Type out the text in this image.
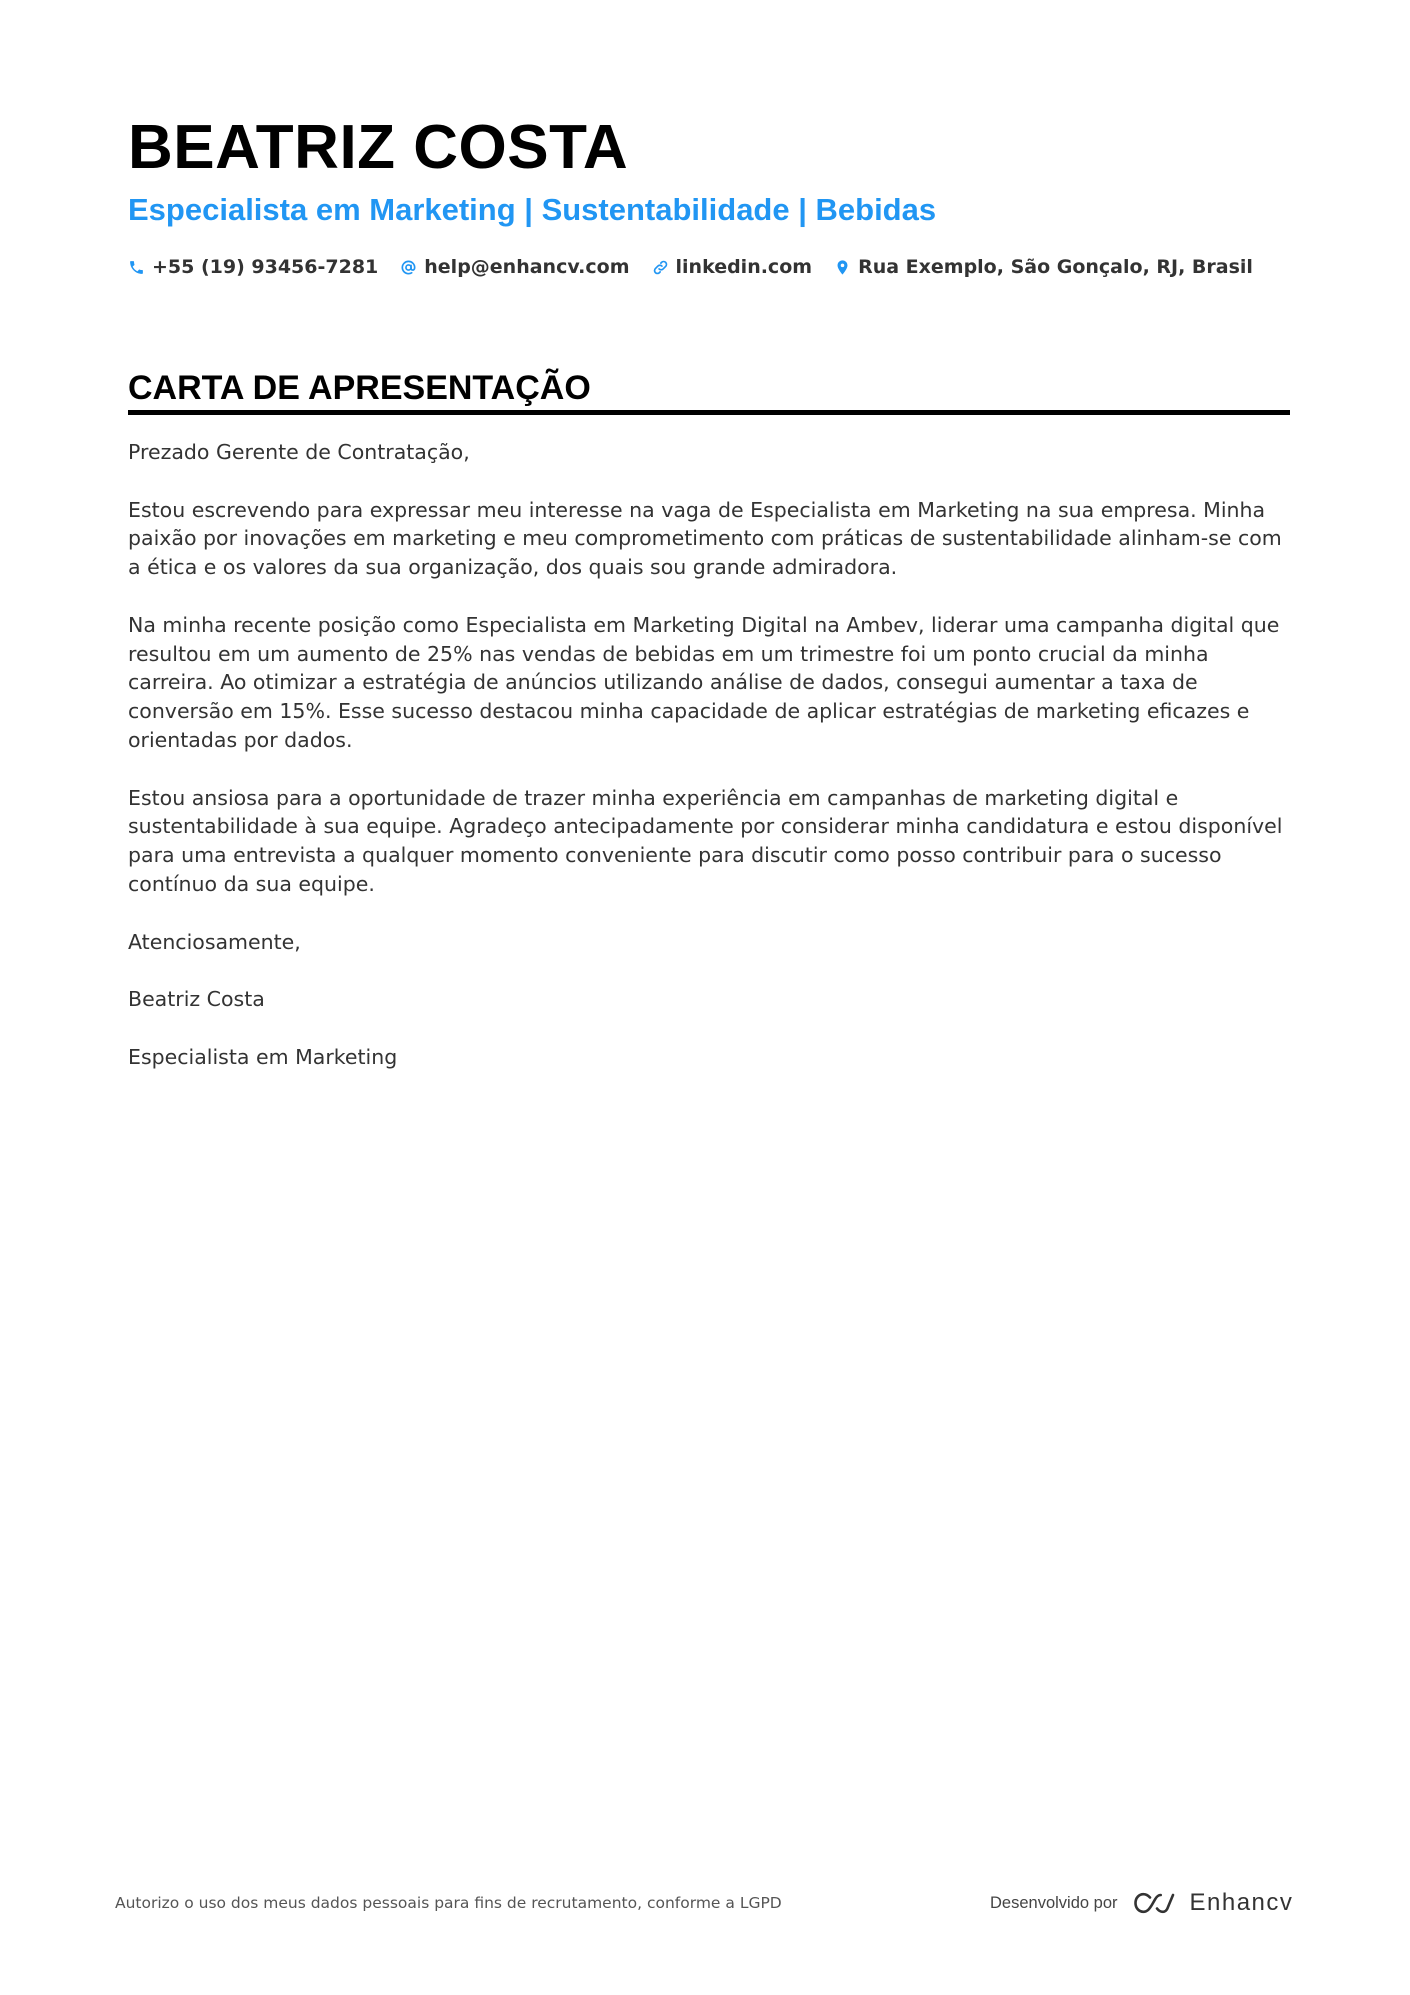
BEATRIZ COSTA
Especialista em Marketing | Sustentabilidade | Bebidas
+55 (19) 93456-7281 help@enhancv.com linkedin.com Rua Exemplo, São Gonçalo, RJ, Brasil
CARTA DE APRESENTAÇÃO

Prezado Gerente de Contratação,

Estou escrevendo para expressar meu interesse na vaga de Especialista em Marketing na sua empresa. Minha paixão por inovações em marketing e meu comprometimento com práticas de sustentabilidade alinham-se com a ética e os valores da sua organização, dos quais sou grande admiradora.

Na minha recente posição como Especialista em Marketing Digital na Ambev, liderar uma campanha digital que resultou em um aumento de 25% nas vendas de bebidas em um trimestre foi um ponto crucial da minha carreira. Ao otimizar a estratégia de anúncios utilizando análise de dados, consegui aumentar a taxa de conversão em 15%. Esse sucesso destacou minha capacidade de aplicar estratégias de marketing eficazes e orientadas por dados.

Estou ansiosa para a oportunidade de trazer minha experiência em campanhas de marketing digital e sustentabilidade à sua equipe. Agradeço antecipadamente por considerar minha candidatura e estou disponível para uma entrevista a qualquer momento conveniente para discutir como posso contribuir para o sucesso contínuo da sua equipe.

Atenciosamente,

Beatriz Costa

Especialista em Marketing

Autorizo o uso dos meus dados pessoais para fins de recrutamento, conforme a LGPD	Desenvolvido por	Enhancv
